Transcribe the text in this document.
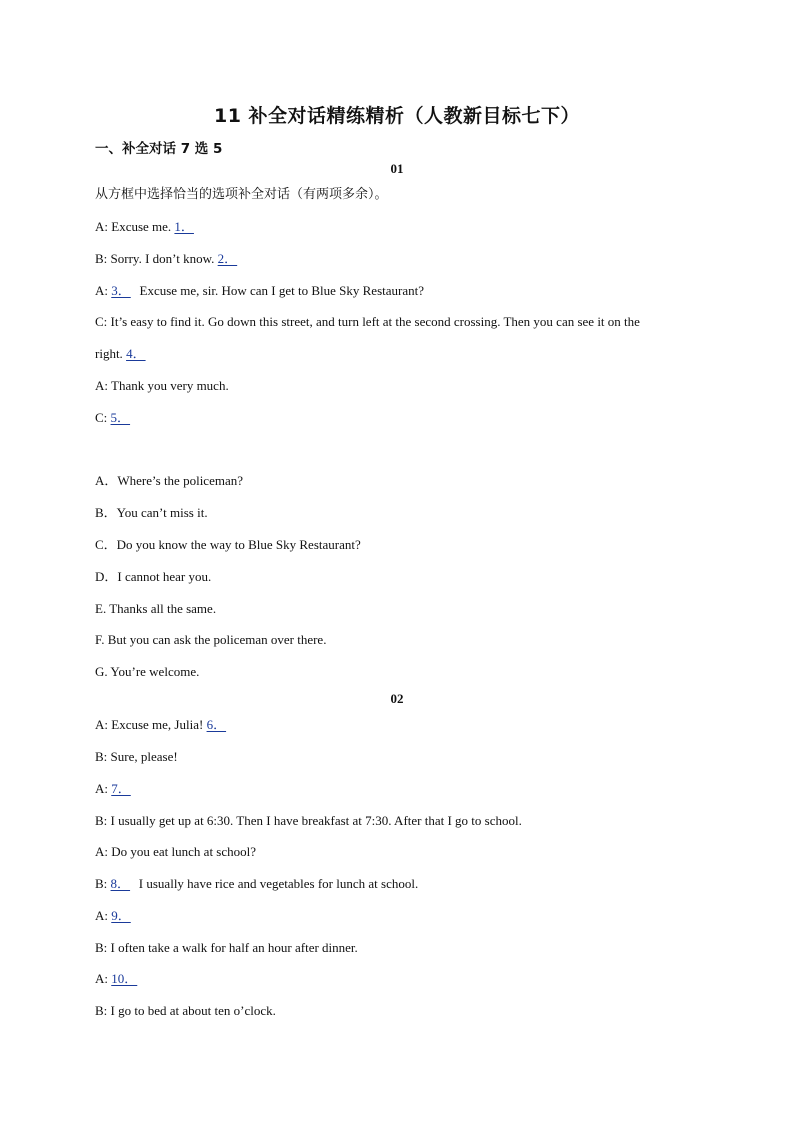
11 补全对话精练精析（人教新目标七下）
一、补全对话 7 选 5
01
从方框中选择恰当的选项补全对话（有两项多余）。
A: Excuse me. 1．
B: Sorry. I don’t know. 2．
A: 3． Excuse me, sir. How can I get to Blue Sky Restaurant?
C: It’s easy to find it. Go down this street, and turn left at the second crossing. Then you can see it on the
right. 4．
A: Thank you very much.
C: 5．
A．Where’s the policeman?
B．You can’t miss it.
C．Do you know the way to Blue Sky Restaurant?
D．I cannot hear you.
E. Thanks all the same.
F. But you can ask the policeman over there.
G. You’re welcome.
02
A: Excuse me, Julia! 6．
B: Sure, please!
A: 7．
B: I usually get up at 6:30. Then I have breakfast at 7:30. After that I go to school.
A: Do you eat lunch at school?
B: 8． I usually have rice and vegetables for lunch at school.
A: 9．
B: I often take a walk for half an hour after dinner.
A: 10．
B: I go to bed at about ten o’clock.
